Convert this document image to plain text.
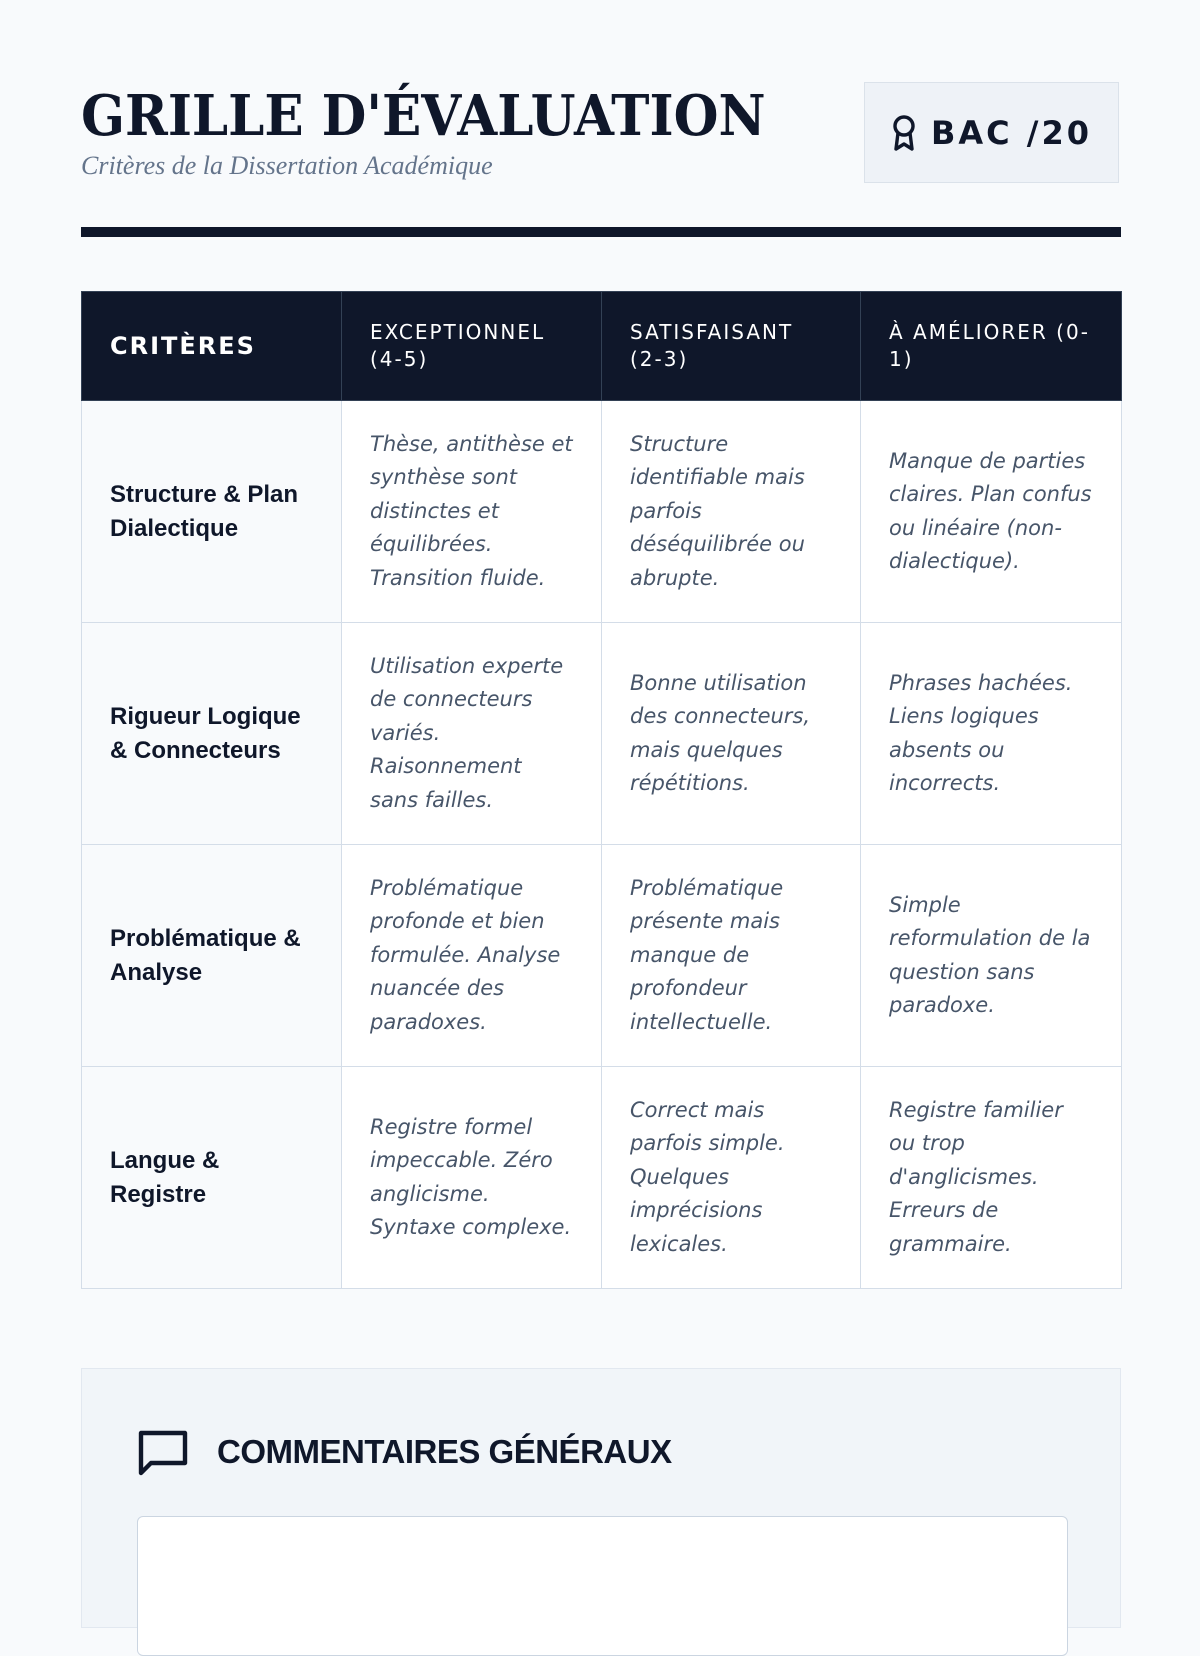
GRILLE D'ÉVALUATION
Critères de la Dissertation Académique
BAC /20
CRITÈRES	EXCEPTIONNEL (4-5)	SATISFAISANT (2-3)	À AMÉLIORER (0-1)
Structure & Plan Dialectique	Thèse, antithèse et synthèse sont distinctes et équilibrées. Transition fluide.	Structure identifiable mais parfois déséquilibrée ou abrupte.	Manque de parties claires. Plan confus ou linéaire (non-dialectique).
Rigueur Logique & Connecteurs	Utilisation experte de connecteurs variés. Raisonnement sans failles.	Bonne utilisation des connecteurs, mais quelques répétitions.	Phrases hachées. Liens logiques absents ou incorrects.
Problématique & Analyse	Problématique profonde et bien formulée. Analyse nuancée des paradoxes.	Problématique présente mais manque de profondeur intellectuelle.	Simple reformulation de la question sans paradoxe.
Langue & Registre	Registre formel impeccable. Zéro anglicisme. Syntaxe complexe.	Correct mais parfois simple. Quelques imprécisions lexicales.	Registre familier ou trop d'anglicismes. Erreurs de grammaire.
COMMENTAIRES GÉNÉRAUX
